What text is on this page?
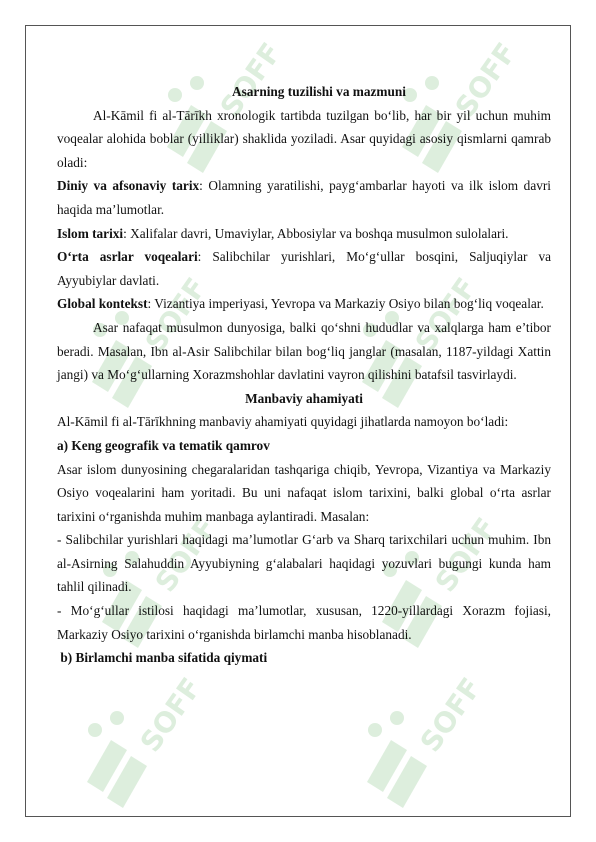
Asarning tuzilishi va mazmuni

Al-Kāmil fi al-Tārīkh xronologik tartibda tuzilgan bo‘lib, har bir yil uchun muhim voqealar alohida boblar (yilliklar) shaklida yoziladi. Asar quyidagi asosiy qismlarni qamrab oladi:

Diniy va afsonaviy tarix: Olamning yaratilishi, payg‘ambarlar hayoti va ilk islom davri haqida ma’lumotlar.

Islom tarixi: Xalifalar davri, Umaviylar, Abbosiylar va boshqa musulmon sulolalari.

O‘rta asrlar voqealari: Salibchilar yurishlari, Mo‘g‘ullar bosqini, Saljuqiylar va Ayyubiylar davlati.

Global kontekst: Vizantiya imperiyasi, Yevropa va Markaziy Osiyo bilan bog‘liq voqealar.

Asar nafaqat musulmon dunyosiga, balki qo‘shni hududlar va xalqlarga ham e’tibor beradi. Masalan, Ibn al-Asir Salibchilar bilan bog‘liq janglar (masalan, 1187-yildagi Xattin jangi) va Mo‘g‘ullarning Xorazmshohlar davlatini vayron qilishini batafsil tasvirlaydi.

Manbaviy ahamiyati

Al-Kāmil fi al-Tārīkhning manbaviy ahamiyati quyidagi jihatlarda namoyon bo‘ladi:

a) Keng geografik va tematik qamrov

Asar islom dunyosining chegaralaridan tashqariga chiqib, Yevropa, Vizantiya va Markaziy Osiyo voqealarini ham yoritadi. Bu uni nafaqat islom tarixini, balki global o‘rta asrlar tarixini o‘rganishda muhim manbaga aylantiradi. Masalan:

- Salibchilar yurishlari haqidagi ma’lumotlar G‘arb va Sharq tarixchilari uchun muhim. Ibn al-Asirning Salahuddin Ayyubiyning g‘alabalari haqidagi yozuvlari bugungi kunda ham tahlil qilinadi.

- Mo‘g‘ullar istilosi haqidagi ma’lumotlar, xususan, 1220-yillardagi Xorazm fojiasi, Markaziy Osiyo tarixini o‘rganishda birlamchi manba hisoblanadi.

b) Birlamchi manba sifatida qiymati
